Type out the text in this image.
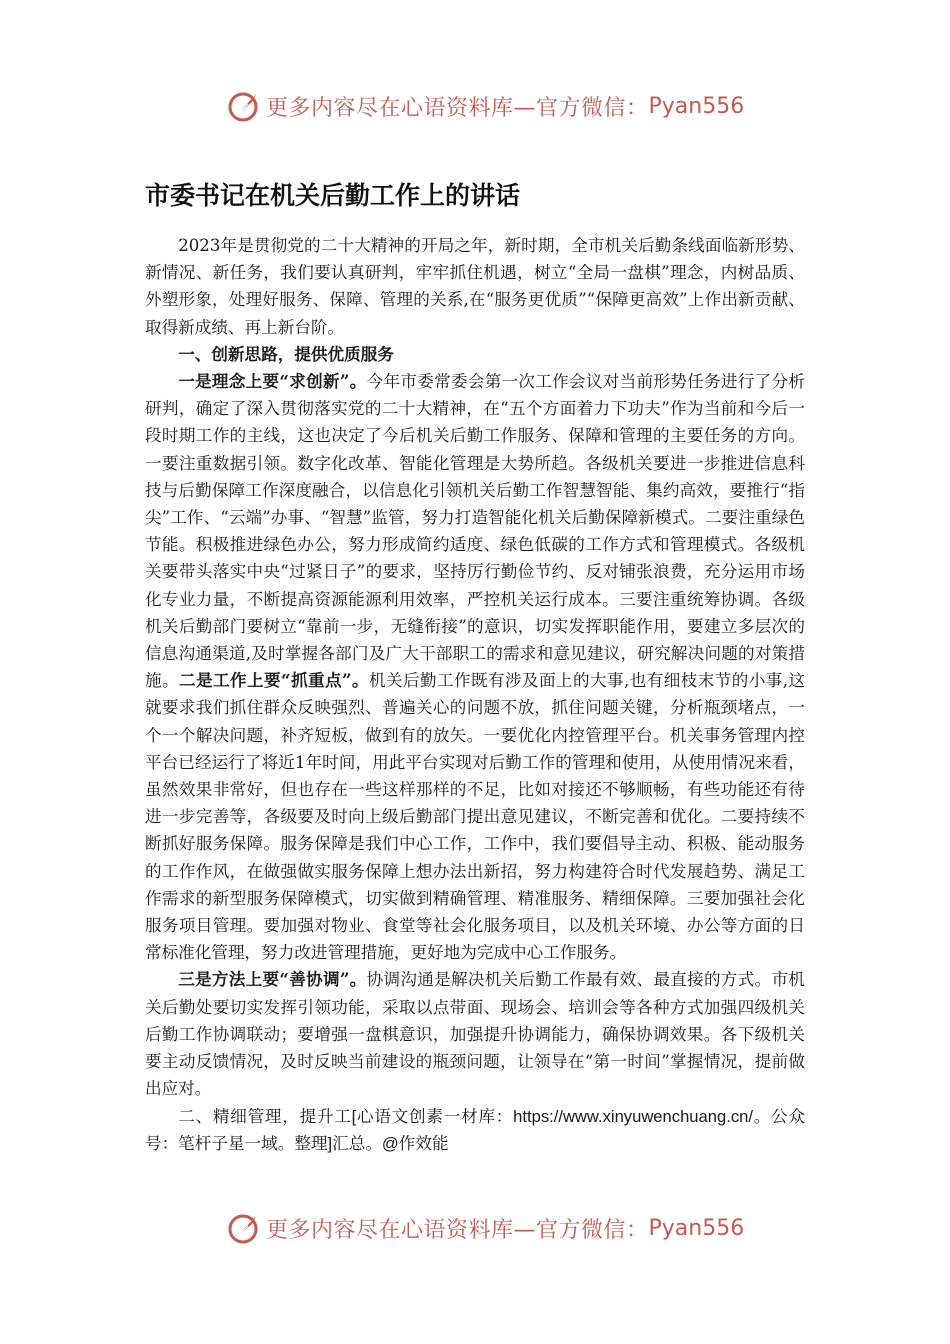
更多内容尽在心语资料库—官方微信： Pyan556
市委书记在机关后勤工作上的讲话

2023年是贯彻党的二十大精神的开局之年，新时期，全市机关后勤条线面临新形势、新情况、新任务，我们要认真研判，牢牢抓住机遇，树立“全局一盘棋”理念，内树品质、外塑形象，处理好服务、保障、管理的关系,在“服务更优质”“保障更高效”上作出新贡献、取得新成绩、再上新台阶。

一、创新思路，提供优质服务

一是理念上要“求创新”。今年市委常委会第一次工作会议对当前形势任务进行了分析研判，确定了深入贯彻落实党的二十大精神，在“五个方面着力下功夫”作为当前和今后一段时期工作的主线，这也决定了今后机关后勤工作服务、保障和管理的主要任务的方向。一要注重数据引领。数字化改革、智能化管理是大势所趋。各级机关要进一步推进信息科技与后勤保障工作深度融合，以信息化引领机关后勤工作智慧智能、集约高效，要推行“指尖”工作、“云端”办事、“智慧”监管，努力打造智能化机关后勤保障新模式。二要注重绿色节能。积极推进绿色办公，努力形成简约适度、绿色低碳的工作方式和管理模式。各级机关要带头落实中央“过紧日子”的要求，坚持厉行勤俭节约、反对铺张浪费，充分运用市场化专业力量，不断提高资源能源利用效率，严控机关运行成本。三要注重统筹协调。各级机关后勤部门要树立“靠前一步，无缝衔接”的意识，切实发挥职能作用，要建立多层次的信息沟通渠道,及时掌握各部门及广大干部职工的需求和意见建议，研究解决问题的对策措施。二是工作上要“抓重点”。机关后勤工作既有涉及面上的大事,也有细枝末节的小事,这就要求我们抓住群众反映强烈、普遍关心的问题不放，抓住问题关键，分析瓶颈堵点，一个一个解决问题，补齐短板，做到有的放矢。一要优化内控管理平台。机关事务管理内控平台已经运行了将近1年时间，用此平台实现对后勤工作的管理和使用，从使用情况来看，虽然效果非常好，但也存在一些这样那样的不足，比如对接还不够顺畅，有些功能还有待进一步完善等，各级要及时向上级后勤部门提出意见建议，不断完善和优化。二要持续不断抓好服务保障。服务保障是我们中心工作，工作中，我们要倡导主动、积极、能动服务的工作作风，在做强做实服务保障上想办法出新招，努力构建符合时代发展趋势、满足工作需求的新型服务保障模式，切实做到精确管理、精准服务、精细保障。三要加强社会化服务项目管理。要加强对物业、食堂等社会化服务项目，以及机关环境、办公等方面的日常标准化管理，努力改进管理措施，更好地为完成中心工作服务。

三是方法上要“善协调”。协调沟通是解决机关后勤工作最有效、最直接的方式。市机关后勤处要切实发挥引领功能，采取以点带面、现场会、培训会等各种方式加强四级机关后勤工作协调联动；要增强一盘棋意识，加强提升协调能力，确保协调效果。各下级机关要主动反馈情况，及时反映当前建设的瓶颈问题，让领导在“第一时间”掌握情况，提前做出应对。

二、精细管理，提升工[心语文创素一材库：https://www.xinyuwenchuang.cn/。公众号：笔杆子星一域。整理]汇总。@作效能

更多内容尽在心语资料库—官方微信： Pyan556
